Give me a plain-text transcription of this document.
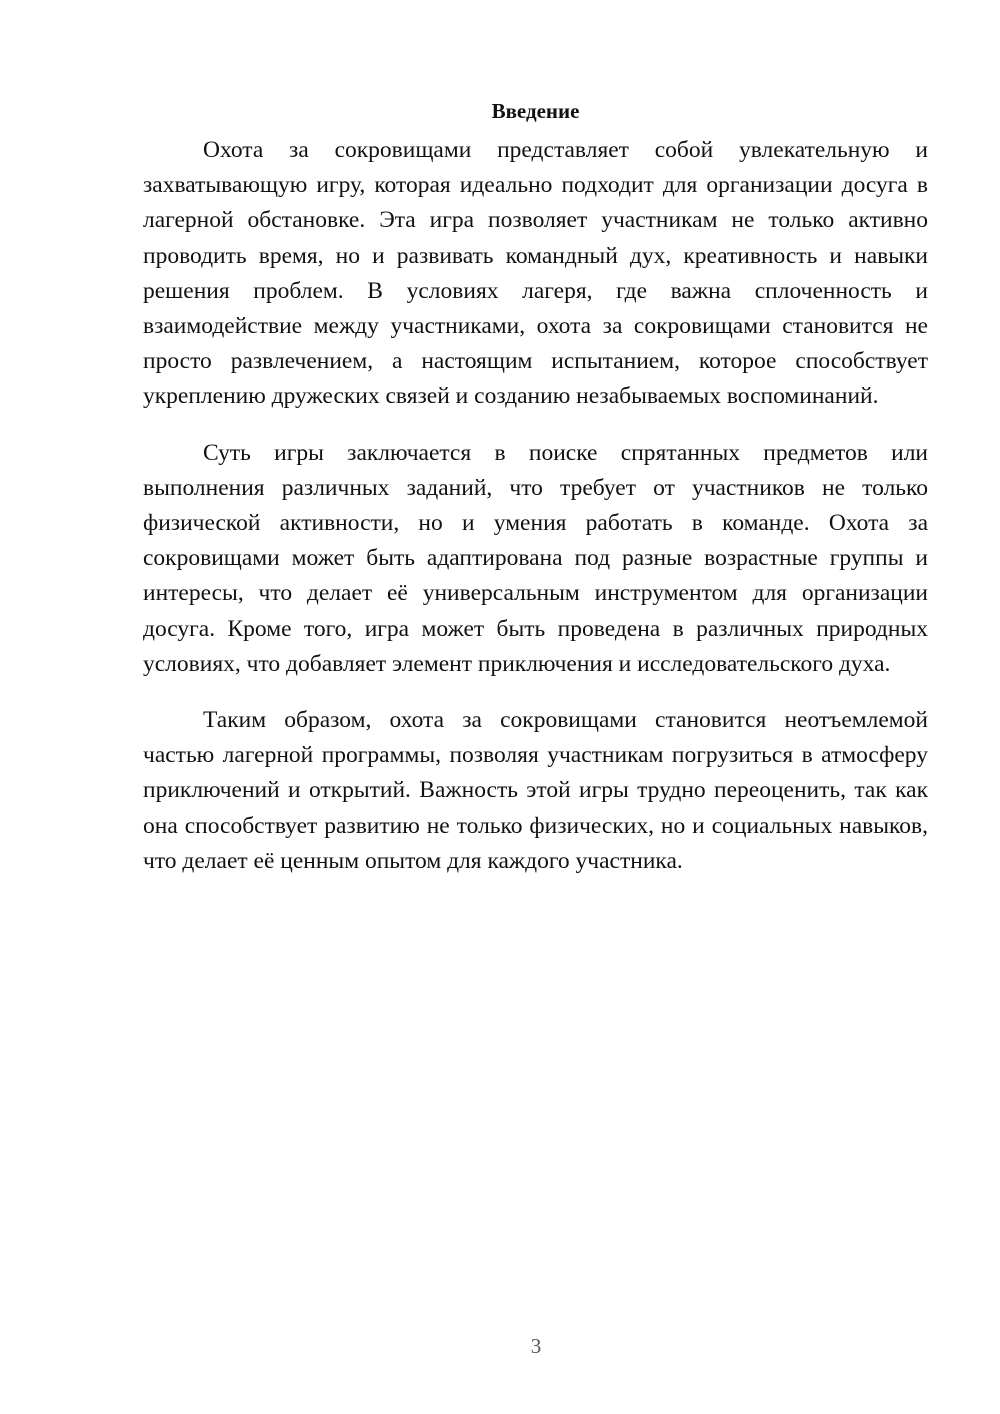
Введение

Охота за сокровищами представляет собой увлекательную и захватывающую игру, которая идеально подходит для организации досуга в лагерной обстановке. Эта игра позволяет участникам не только активно проводить время, но и развивать командный дух, креативность и навыки решения проблем. В условиях лагеря, где важна сплоченность и взаимодействие между участниками, охота за сокровищами становится не просто развлечением, а настоящим испытанием, которое способствует укреплению дружеских связей и созданию незабываемых воспоминаний.

Суть игры заключается в поиске спрятанных предметов или выполнения различных заданий, что требует от участников не только физической активности, но и умения работать в команде. Охота за сокровищами может быть адаптирована под разные возрастные группы и интересы, что делает её универсальным инструментом для организации досуга. Кроме того, игра может быть проведена в различных природных условиях, что добавляет элемент приключения и исследовательского духа.

Таким образом, охота за сокровищами становится неотъемлемой частью лагерной программы, позволяя участникам погрузиться в атмосферу приключений и открытий. Важность этой игры трудно переоценить, так как она способствует развитию не только физических, но и социальных навыков, что делает её ценным опытом для каждого участника.

3
